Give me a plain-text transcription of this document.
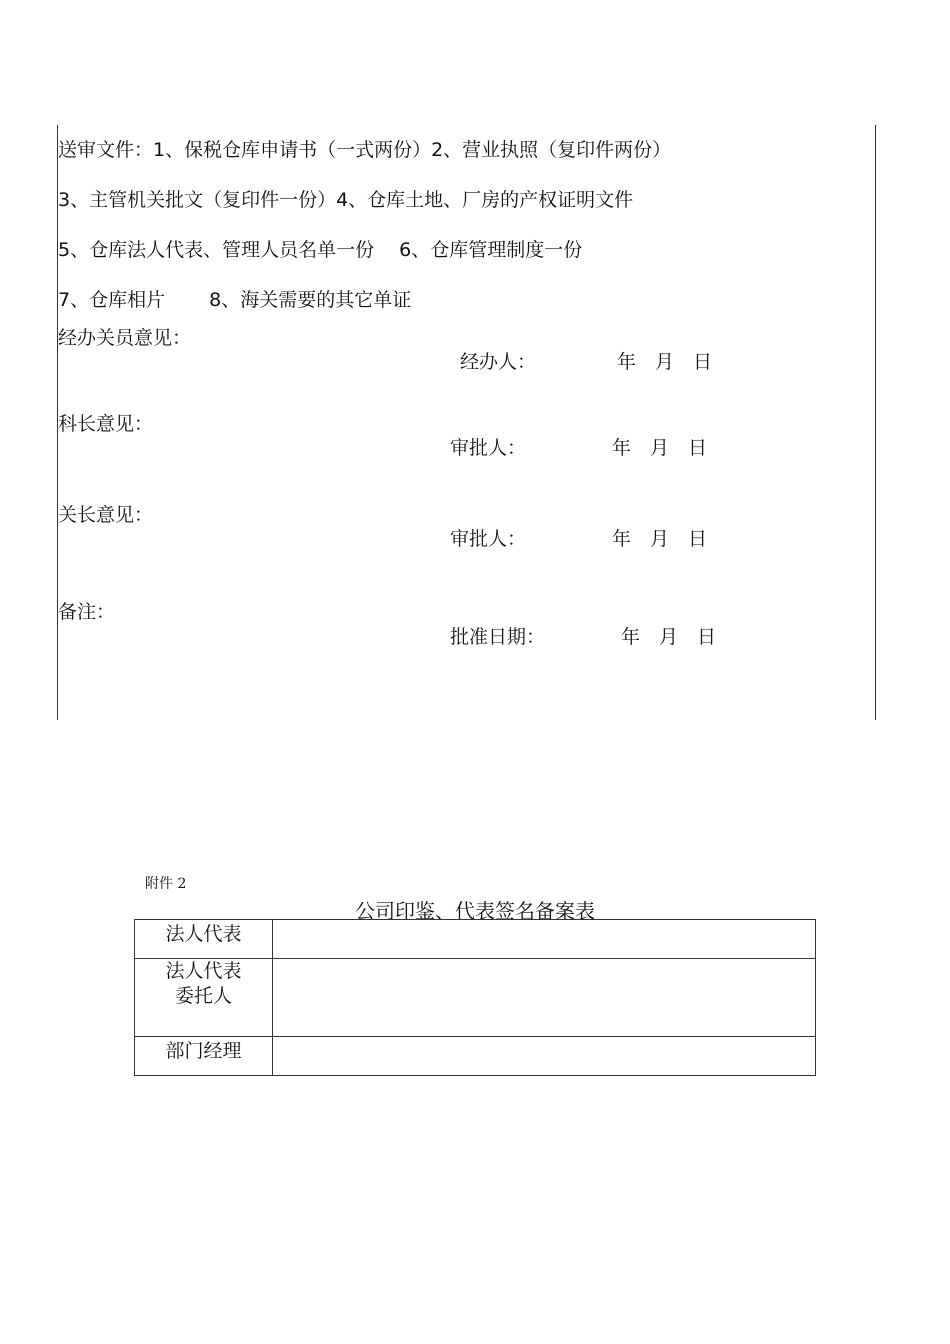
送审文件：1、保税仓库申请书（一式两份）2、营业执照（复印件两份）
3、主管机关批文（复印件一份）4、仓库土地、厂房的产权证明文件
5、仓库法人代表、管理人员名单一份　 6、仓库管理制度一份
7、仓库相片　　 8、海关需要的其它单证
经办关员意见：
经办人：	年　月　日
科长意见：
审批人：	年　月　日
关长意见：
审批人：	年　月　日
备注：
批准日期：	年　月　日
附件 2
公司印鉴、代表签名备案表
法人代表	

法人代表
委托人	

部门经理	
